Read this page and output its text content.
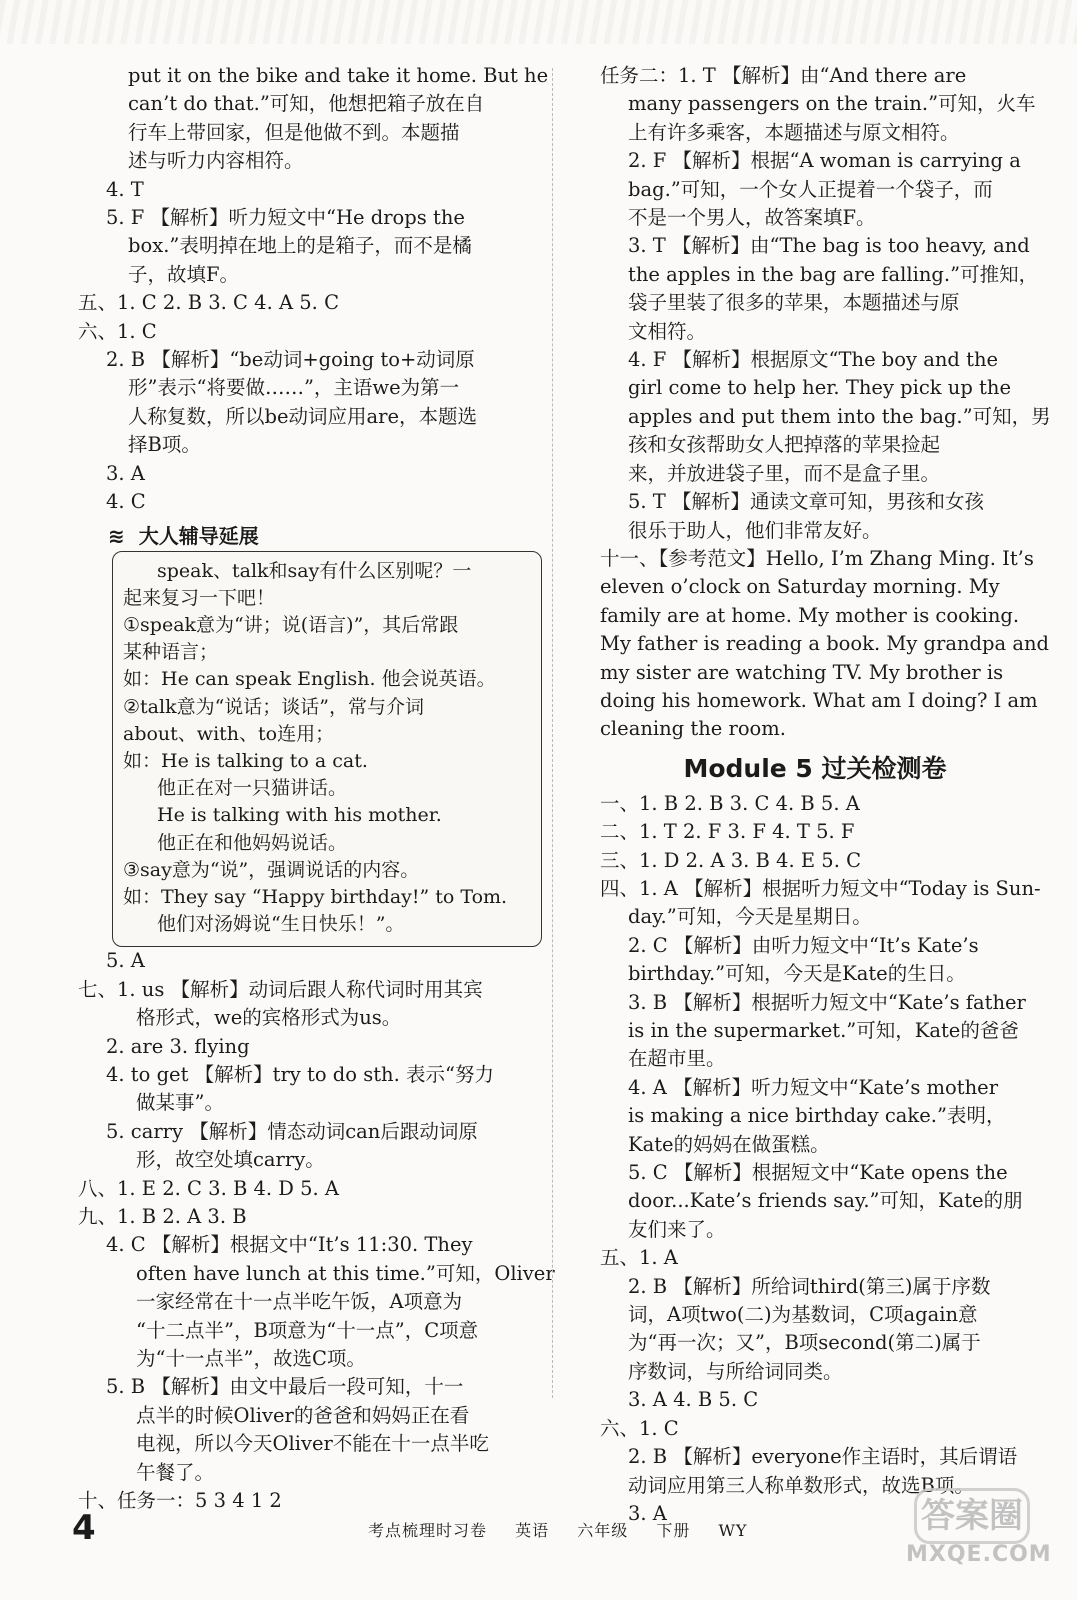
put it on the bike and take it home. But he
can’t do that.”可知，他想把箱子放在自
行车上带回家，但是他做不到。本题描
述与听力内容相符。
4. T
5. F 【解析】听力短文中“He drops the
box.”表明掉在地上的是箱子，而不是橘
子，故填F。
五、1. C 2. B 3. C 4. A 5. C
六、1. C
2. B 【解析】“be动词+going to+动词原
形”表示“将要做……”，主语we为第一
人称复数，所以be动词应用are，本题选
择B项。
3. A
4. C
≋ 大人辅导延展
speak、talk和say有什么区别呢？一
起来复习一下吧！
①speak意为“讲；说(语言)”，其后常跟
某种语言；
如：He can speak English. 他会说英语。
②talk意为“说话；谈话”，常与介词
about、with、to连用；
如：He is talking to a cat.
他正在对一只猫讲话。
He is talking with his mother.
他正在和他妈妈说话。
③say意为“说”，强调说话的内容。
如：They say “Happy birthday!” to Tom.
他们对汤姆说“生日快乐！”。
5. A
七、1. us 【解析】动词后跟人称代词时用其宾
格形式，we的宾格形式为us。
2. are 3. flying
4. to get 【解析】try to do sth. 表示“努力
做某事”。
5. carry 【解析】情态动词can后跟动词原
形，故空处填carry。
八、1. E 2. C 3. B 4. D 5. A
九、1. B 2. A 3. B
4. C 【解析】根据文中“It’s 11:30. They
often have lunch at this time.”可知，Oliver
一家经常在十一点半吃午饭，A项意为
“十二点半”，B项意为“十一点”，C项意
为“十一点半”，故选C项。
5. B 【解析】由文中最后一段可知，十一
点半的时候Oliver的爸爸和妈妈正在看
电视，所以今天Oliver不能在十一点半吃
午餐了。
十、任务一：5 3 4 1 2
任务二：1. T 【解析】由“And there are
many passengers on the train.”可知，火车
上有许多乘客，本题描述与原文相符。
2. F 【解析】根据“A woman is carrying a
bag.”可知，一个女人正提着一个袋子，而
不是一个男人，故答案填F。
3. T 【解析】由“The bag is too heavy, and
the apples in the bag are falling.”可推知，
袋子里装了很多的苹果，本题描述与原
文相符。
4. F 【解析】根据原文“The boy and the
girl come to help her. They pick up the
apples and put them into the bag.”可知，男
孩和女孩帮助女人把掉落的苹果捡起
来，并放进袋子里，而不是盒子里。
5. T 【解析】通读文章可知，男孩和女孩
很乐于助人，他们非常友好。
十一、【参考范文】Hello, I’m Zhang Ming. It’s
eleven o’clock on Saturday morning. My
family are at home. My mother is cooking.
My father is reading a book. My grandpa and
my sister are watching TV. My brother is
doing his homework. What am I doing? I am
cleaning the room.
Module 5 过关检测卷
一、1. B 2. B 3. C 4. B 5. A
二、1. T 2. F 3. F 4. T 5. F
三、1. D 2. A 3. B 4. E 5. C
四、1. A 【解析】根据听力短文中“Today is Sun-
day.”可知，今天是星期日。
2. C 【解析】由听力短文中“It’s Kate’s
birthday.”可知，今天是Kate的生日。
3. B 【解析】根据听力短文中“Kate’s father
is in the supermarket.”可知，Kate的爸爸
在超市里。
4. A 【解析】听力短文中“Kate’s mother
is making a nice birthday cake.”表明，
Kate的妈妈在做蛋糕。
5. C 【解析】根据短文中“Kate opens the
door...Kate’s friends say.”可知，Kate的朋
友们来了。
五、1. A
2. B 【解析】所给词third(第三)属于序数
词，A项two(二)为基数词，C项again意
为“再一次；又”，B项second(第二)属于
序数词，与所给词同类。
3. A 4. B 5. C
六、1. C
2. B 【解析】everyone作主语时，其后谓语
动词应用第三人称单数形式，故选B项。
3. A
4	考点梳理时习卷 英语 六年级 下册 WY	答案圈
MXQE.COM
